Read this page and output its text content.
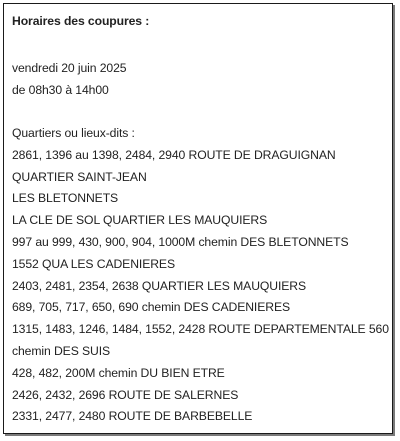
Horaires des coupures :
vendredi 20 juin 2025
de 08h30 à 14h00
Quartiers ou lieux-dits :
2861, 1396 au 1398, 2484, 2940 ROUTE DE DRAGUIGNAN
QUARTIER SAINT-JEAN
LES BLETONNETS
LA CLE DE SOL QUARTIER LES MAUQUIERS
997 au 999, 430, 900, 904, 1000M chemin DES BLETONNETS
1552 QUA LES CADENIERES
2403, 2481, 2354, 2638 QUARTIER LES MAUQUIERS
689, 705, 717, 650, 690 chemin DES CADENIERES
1315, 1483, 1246, 1484, 1552, 2428 ROUTE DEPARTEMENTALE 560
chemin DES SUIS
428, 482, 200M chemin DU BIEN ETRE
2426, 2432, 2696 ROUTE DE SALERNES
2331, 2477, 2480 ROUTE DE BARBEBELLE
